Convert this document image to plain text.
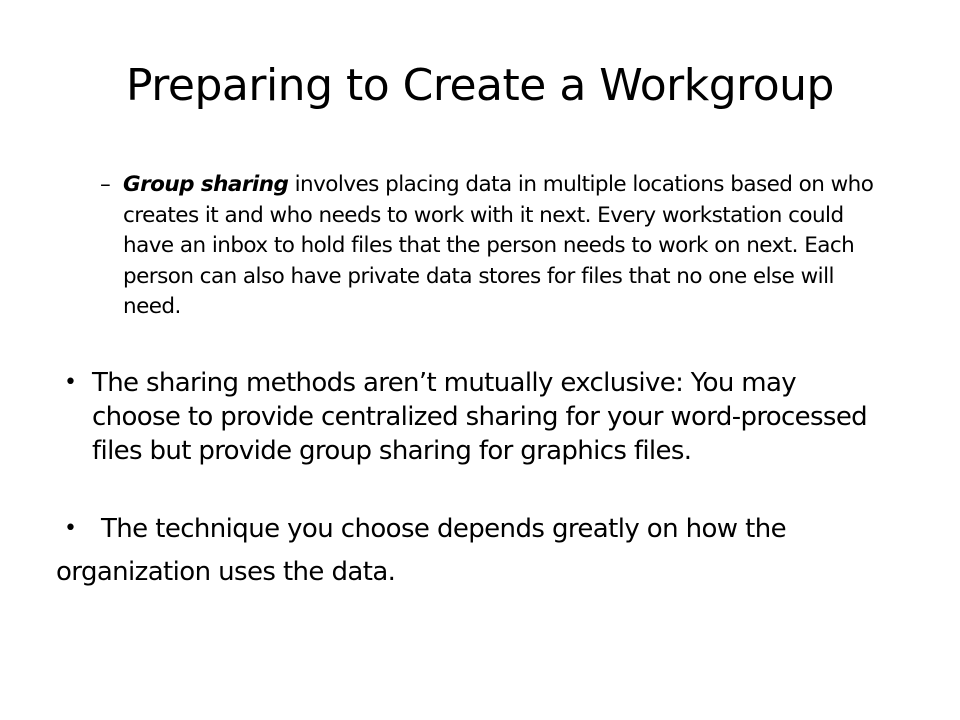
Preparing to Create a Workgroup
– Group sharing involves placing data in multiple locations based on who creates it and who needs to work with it next. Every workstation could have an inbox to hold files that the person needs to work on next. Each person can also have private data stores for files that no one else will need.
• The sharing methods aren’t mutually exclusive: You may choose to provide centralized sharing for your word-processed files but provide group sharing for graphics files.
• The technique you choose depends greatly on how the
organization uses the data.
